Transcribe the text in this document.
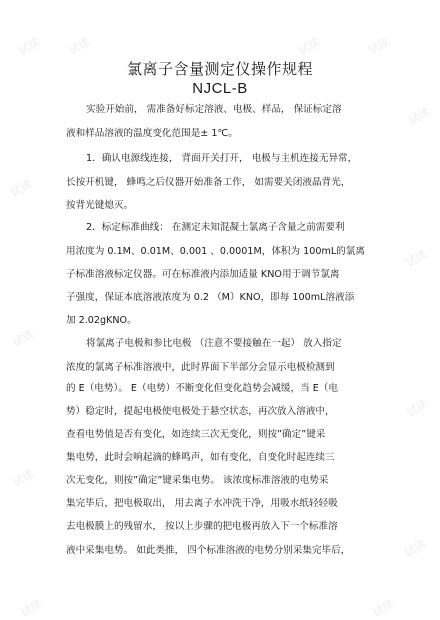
试读 试读	试读	试读
试读
试读
试读
试读
试读
试读
试读
试读	试读
氯离子含量测定仪操作规程
NJCL-B
实验开始前， 需准备好标定溶液、电极、样品， 保证标定溶
液和样品溶液的温度变化范围是± 1℃。
1．确认电源线连接， 背面开关打开， 电极与主机连接无异常，
长按开机键， 蜂鸣之后仪器开始准备工作， 如需要关闭液晶背光，
按背光键熄灭。
2．标定标准曲线： 在测定未知混凝土氯离子含量之前需要利
用浓度为 0.1M、0.01M、0.001 、0.0001M，体积为 100mL的氯离
子标准溶液标定仪器。可在标准液内添加适量 KNO用于调节氯离
子强度，保证本底溶液浓度为 0.2 （M）KNO，即每 100mL溶液添
加 2.02gKNO。
将氯离子电极和参比电极 （注意不要接触在一起） 放入指定
浓度的氯离子标准溶液中，此时界面下半部分会显示电极检测到
的 E（电势）。 E（电势）不断变化但变化趋势会减缓，当 E（电
势）稳定时，提起电极使电极处于悬空状态，再次放入溶液中，
查看电势值是否有变化，如连续三次无变化，则按”确定”键采
集电势，此时会响起滴的蜂鸣声，如有变化，自变化时起连续三
次无变化，则按”确定”键采集电势。 该浓度标准溶液的电势采
集完毕后，把电极取出， 用去离子水冲洗干净，用吸水纸轻轻吸
去电极膜上的残留水， 按以上步骤的把电极再放入下一个标准溶
液中采集电势。 如此类推， 四个标准溶液的电势分别采集完毕后，
